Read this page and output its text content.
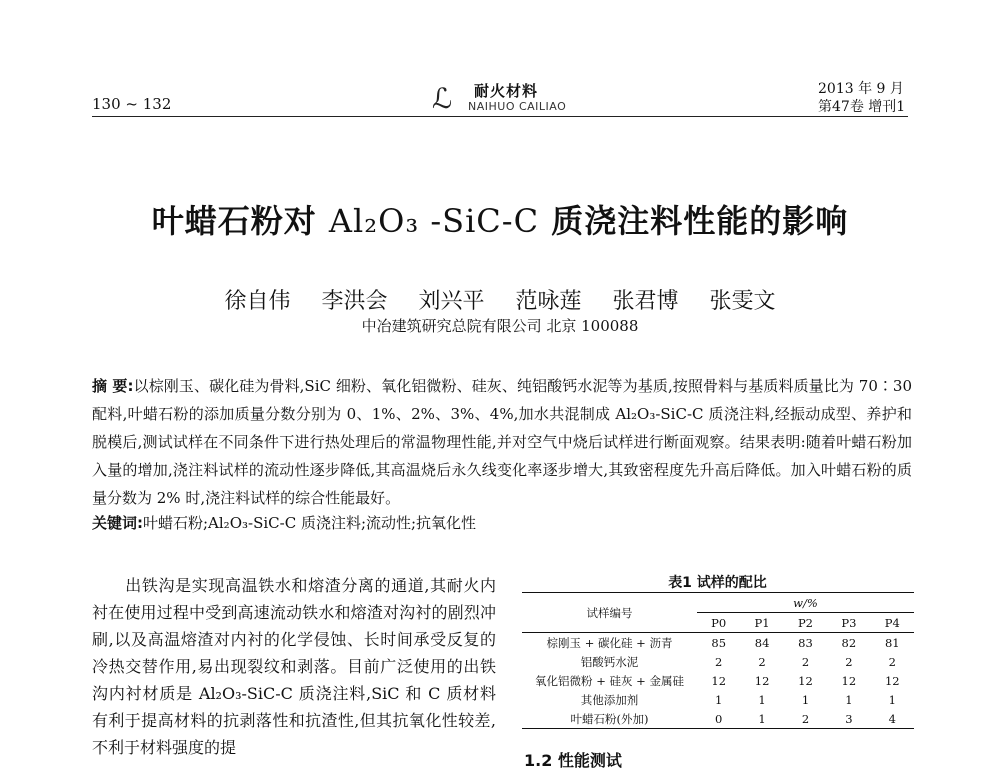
130 ~ 132	ℒ 耐火材料
NAIHUO CAILIAO
2013 年 9 月
第47卷 增刊1
叶蜡石粉对 Al₂O₃ -SiC-C 质浇注料性能的影响
徐自伟 李洪会 刘兴平 范咏莲 张君博 张雯文
中冶建筑研究总院有限公司 北京 100088
摘 要:以棕刚玉、碳化硅为骨料,SiC 细粉、氧化铝微粉、硅灰、纯铝酸钙水泥等为基质,按照骨料与基质料质量比为 70∶30 配料,叶蜡石粉的添加质量分数分别为 0、1%、2%、3%、4%,加水共混制成 Al₂O₃-SiC-C 质浇注料,经振动成型、养护和脱模后,测试试样在不同条件下进行热处理后的常温物理性能,并对空气中烧后试样进行断面观察。结果表明:随着叶蜡石粉加入量的增加,浇注料试样的流动性逐步降低,其高温烧后永久线变化率逐步增大,其致密程度先升高后降低。加入叶蜡石粉的质量分数为 2% 时,浇注料试样的综合性能最好。
关键词:叶蜡石粉;Al₂O₃-SiC-C 质浇注料;流动性;抗氧化性
　　出铁沟是实现高温铁水和熔渣分离的通道,其耐火内衬在使用过程中受到高速流动铁水和熔渣对沟衬的剧烈冲刷,以及高温熔渣对内衬的化学侵蚀、长时间承受反复的冷热交替作用,易出现裂纹和剥落。目前广泛使用的出铁沟内衬材质是 Al₂O₃-SiC-C 质浇注料,SiC 和 C 质材料有利于提高材料的抗剥落性和抗渣性,但其抗氧化性较差,不利于材料强度的提
表1 试样的配比
试样编号	w/%				
	P0	P1	P2	P3	P4
棕刚玉 + 碳化硅 + 沥青	85	84	83	82	81
铝酸钙水泥	2	2	2	2	2
氧化铝微粉 + 硅灰 + 金属硅	12	12	12	12	12
其他添加剂	1	1	1	1	1
叶蜡石粉(外加)	0	1	2	3	4
1.2 性能测试
